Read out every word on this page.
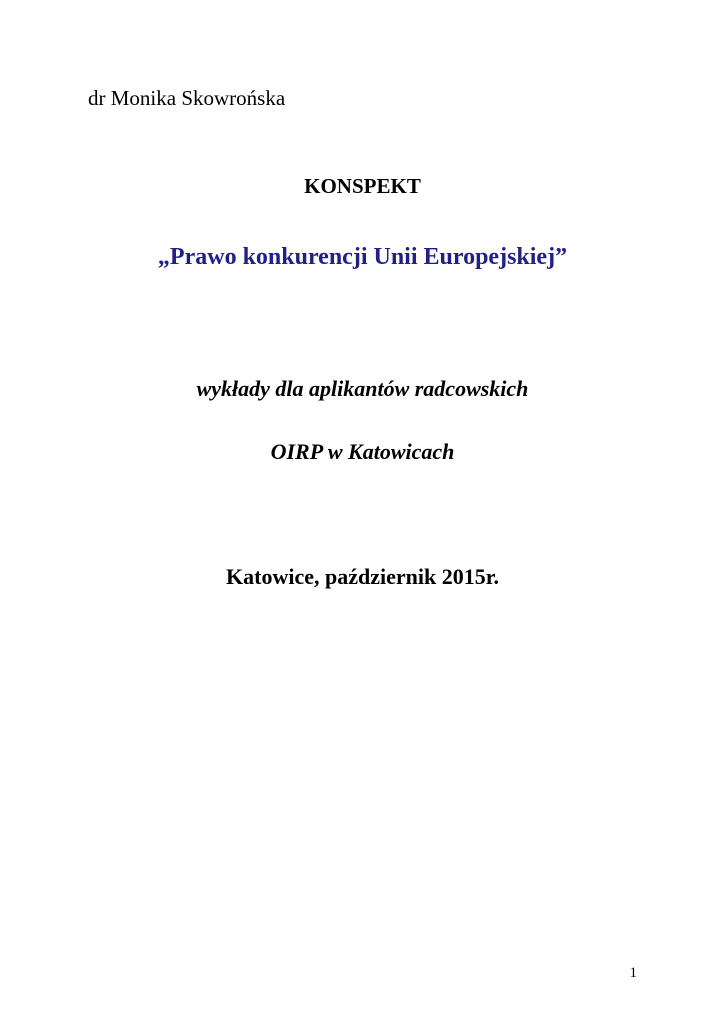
dr Monika Skowrońska

KONSPEKT

„Prawo konkurencji Unii Europejskiej”

wykłady dla aplikantów radcowskich

OIRP w Katowicach

Katowice, październik 2015r.

1
